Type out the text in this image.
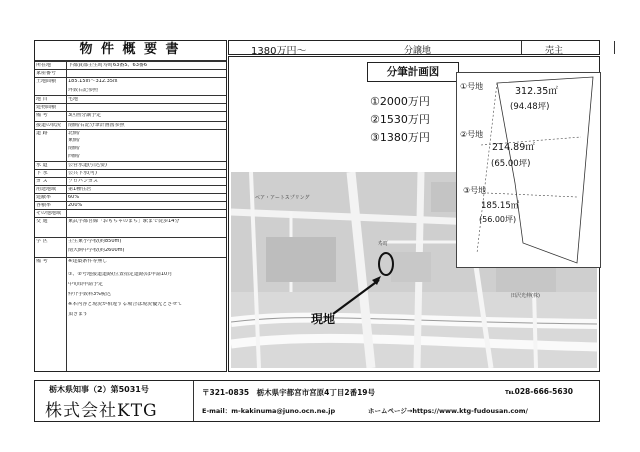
物 件 概 要 書
所在地	下都賀郡壬生町寿町63番5、63番6
家屋番号
土地面積	185.15㎡〜312.35㎡
坪数右記参照
地 目	宅地
建物面積
備 考	3区画分譲予定
接道の状況	南側/右記分筆計画図参照
道 路	北側/
東側/
南側/
西側/
水 道	公営水道(引込要)
下 水	公共下水(可)
ガ ス	プロパンガス
用途地域	第1種住居
建蔽率	60%
容積率	200%
その他地域
交 通	東武宇都宮線「おもちゃのまち」駅まで徒歩14分
学 区	壬生東小学校(約850m)
南犬飼中学校(約2600m)
備 考	※建築条件等無し
①、②号地接道道路(位置指定道路)は申請10月
中旬頃申請予定
仲介手数料3%税込
※本内容と現況が相違する場合は現況優先とさせて
頂きます
1380万円〜	分譲地	売主
現地
寿町
ベア・アートスプリング
田沢光伸(株)
分筆計画図
①2000万円
②1530万円
③1380万円
①号地	312.35㎡
(94.48坪)
②号地
214.89㎡
(65.00坪)
③号地
185.15㎡
(56.00坪)
栃木県知事（2）第5031号
株式会社KTG
〒321-0835　栃木県宇都宮市宮原4丁目2番19号	℡028-666-5630
E-mail：m-kakinuma@juno.ocn.ne.jp	ホームページ→https://www.ktg-fudousan.com/
